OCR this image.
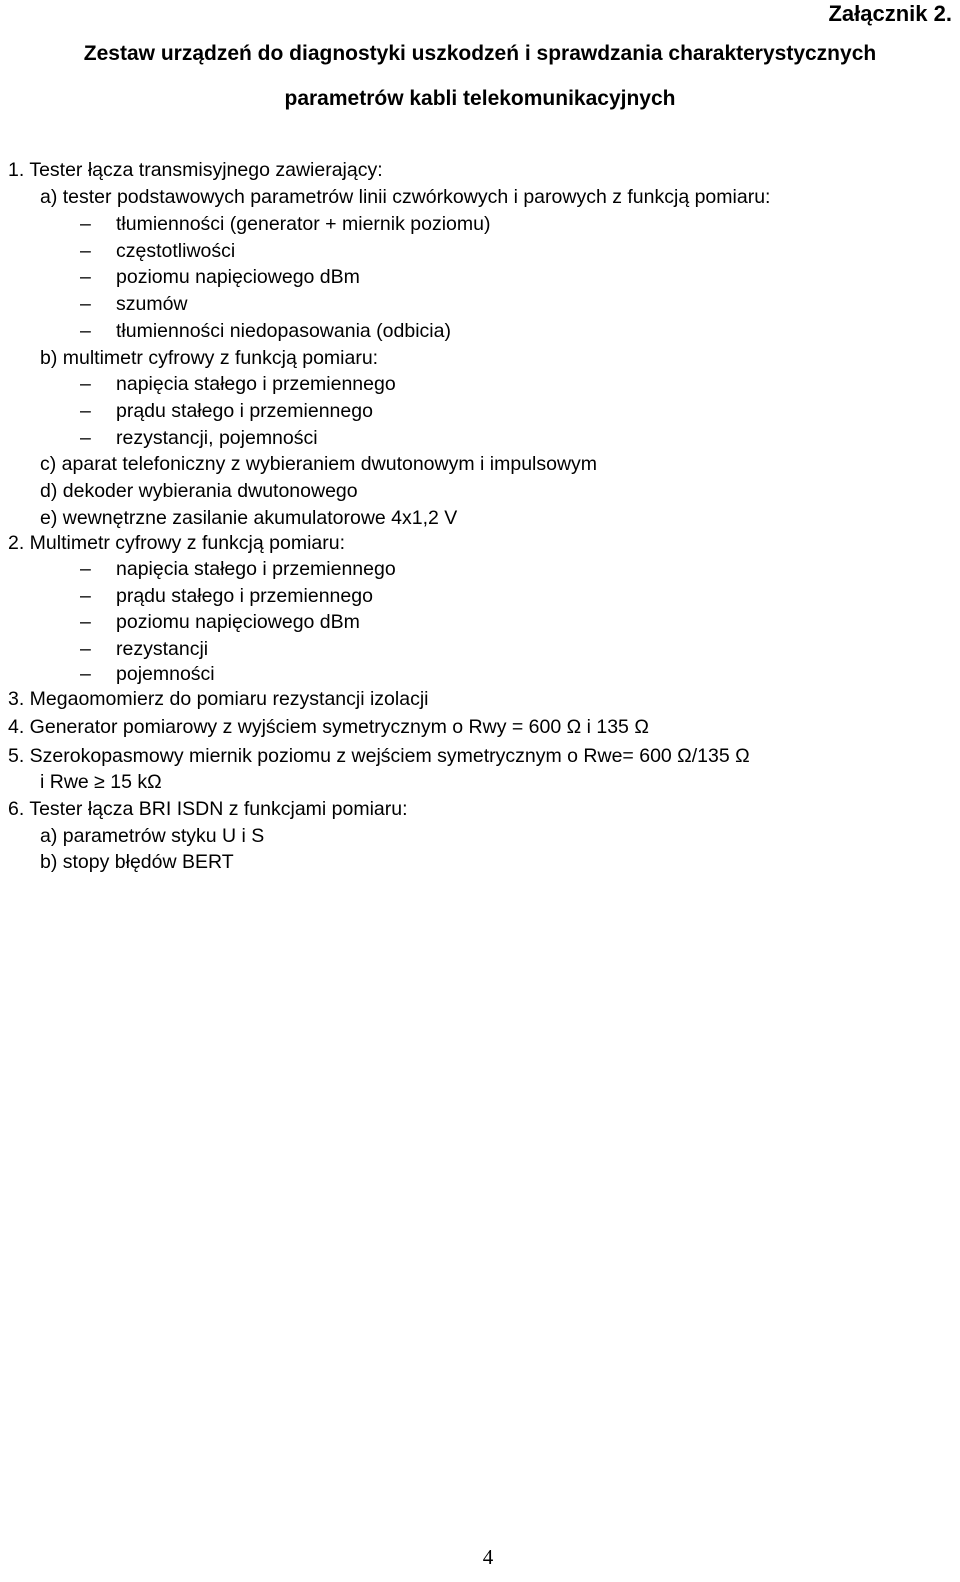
Załącznik 2.
Zestaw urządzeń do diagnostyki uszkodzeń i sprawdzania charakterystycznych
parametrów kabli telekomunikacyjnych
1. Tester łącza transmisyjnego zawierający:
a) tester podstawowych parametrów linii czwórkowych i parowych z funkcją pomiaru:
– tłumienności (generator + miernik poziomu)
– częstotliwości
– poziomu napięciowego dBm
– szumów
– tłumienności niedopasowania (odbicia)
b) multimetr cyfrowy z funkcją pomiaru:
– napięcia stałego i przemiennego
– prądu stałego i przemiennego
– rezystancji, pojemności
c) aparat telefoniczny z wybieraniem dwutonowym i impulsowym
d) dekoder wybierania dwutonowego
e) wewnętrzne zasilanie akumulatorowe 4x1,2 V
2. Multimetr cyfrowy z funkcją pomiaru:
– napięcia stałego i przemiennego
– prądu stałego i przemiennego
– poziomu napięciowego dBm
– rezystancji
– pojemności
3. Megaomomierz do pomiaru rezystancji izolacji
4. Generator pomiarowy z wyjściem symetrycznym o Rwy = 600 Ω i 135 Ω
5. Szerokopasmowy miernik poziomu z wejściem symetrycznym o Rwe= 600 Ω/135 Ω
i Rwe ≥ 15 kΩ
6. Tester łącza BRI ISDN z funkcjami pomiaru:
a) parametrów styku U i S
b) stopy błędów BERT
4
